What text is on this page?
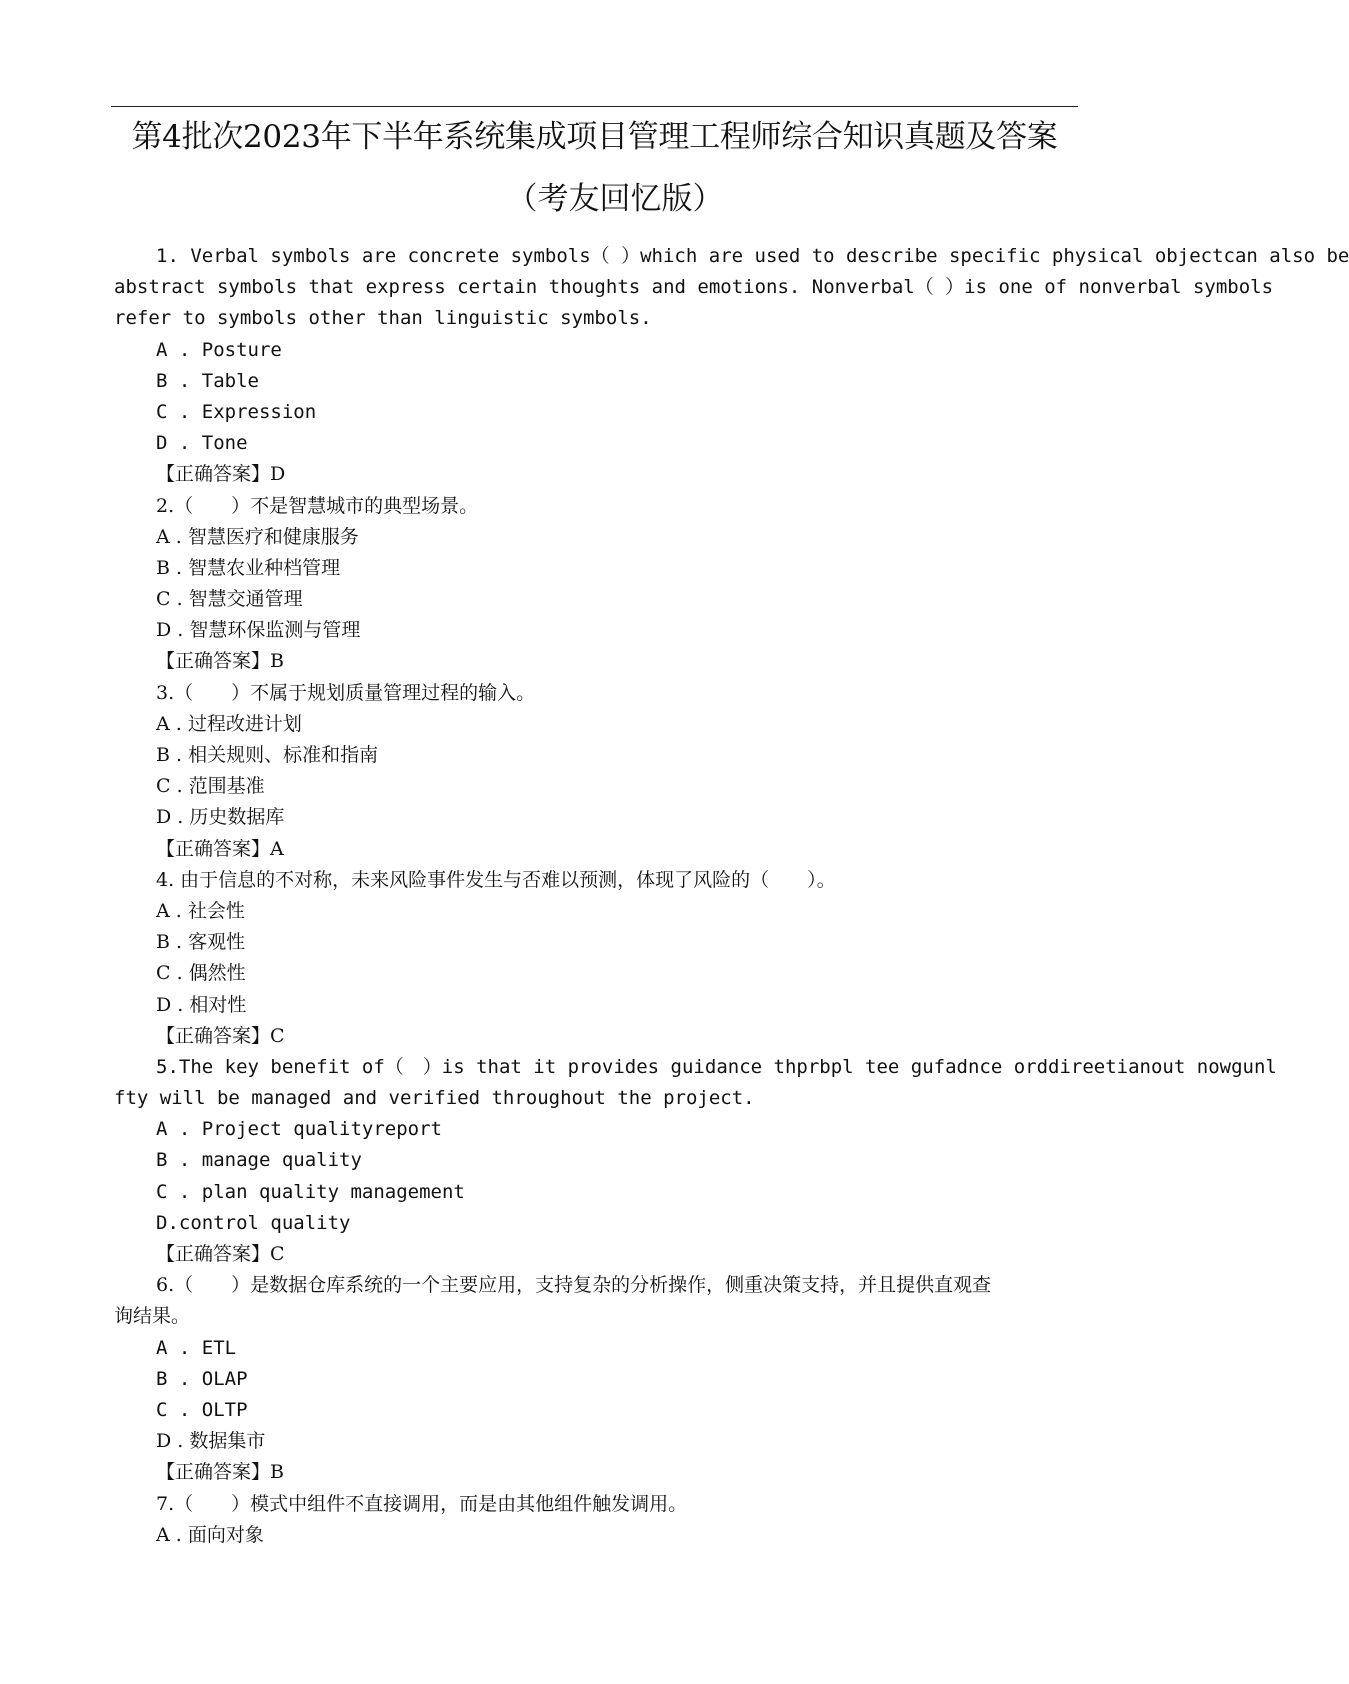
第4批次2023年下半年系统集成项目管理工程师综合知识真题及答案
（考友回忆版）
1. Verbal symbols are concrete symbols（ ）which are used to describe specific physical objectcan also be
abstract symbols that express certain thoughts and emotions. Nonverbal（ ）is one of nonverbal symbols
refer to symbols other than linguistic symbols.
A . Posture
B . Table
C . Expression
D . Tone
【正确答案】D
2.（　　）不是智慧城市的典型场景。
A . 智慧医疗和健康服务
B . 智慧农业种档管理
C . 智慧交通管理
D . 智慧环保监测与管理
【正确答案】B
3.（　　）不属于规划质量管理过程的输入。
A . 过程改进计划
B . 相关规则、标准和指南
C . 范围基准
D . 历史数据库
【正确答案】A
4. 由于信息的不对称，未来风险事件发生与否难以预测，体现了风险的（　　）。
A . 社会性
B . 客观性
C . 偶然性
D . 相对性
【正确答案】C
5.The key benefit of（　）is that it provides guidance thprbpl tee gufadnce orddireetianout nowgunl
fty will be managed and verified throughout the project.
A . Project qualityreport
B . manage quality
C . plan quality management
D.control quality
【正确答案】C
6.（　　）是数据仓库系统的一个主要应用，支持复杂的分析操作，侧重决策支持，并且提供直观查
询结果。
A . ETL
B . OLAP
C . OLTP
D . 数据集市
【正确答案】B
7.（　　）模式中组件不直接调用，而是由其他组件触发调用。
A . 面向对象
